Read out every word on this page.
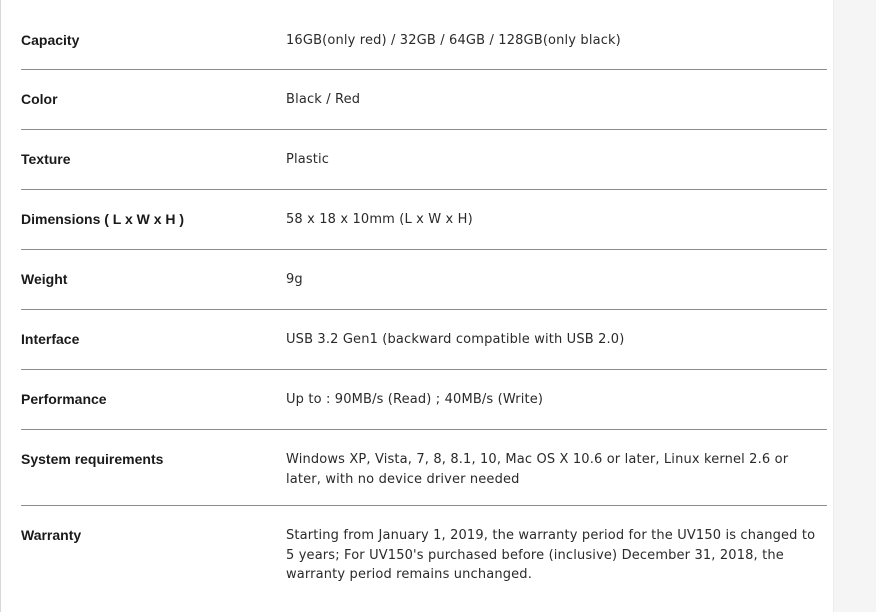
Capacity	16GB(only red) / 32GB / 64GB / 128GB(only black)
Color	Black / Red
Texture	Plastic
Dimensions ( L x W x H )	58 x 18 x 10mm (L x W x H)
Weight	9g
Interface	USB 3.2 Gen1 (backward compatible with USB 2.0)
Performance	Up to : 90MB/s (Read) ; 40MB/s (Write)
System requirements	Windows XP, Vista, 7, 8, 8.1, 10, Mac OS X 10.6 or later, Linux kernel 2.6 or later, with no device driver needed
Warranty	Starting from January 1, 2019, the warranty period for the UV150 is changed to 5 years; For UV150's purchased before (inclusive) December 31, 2018, the warranty period remains unchanged.
